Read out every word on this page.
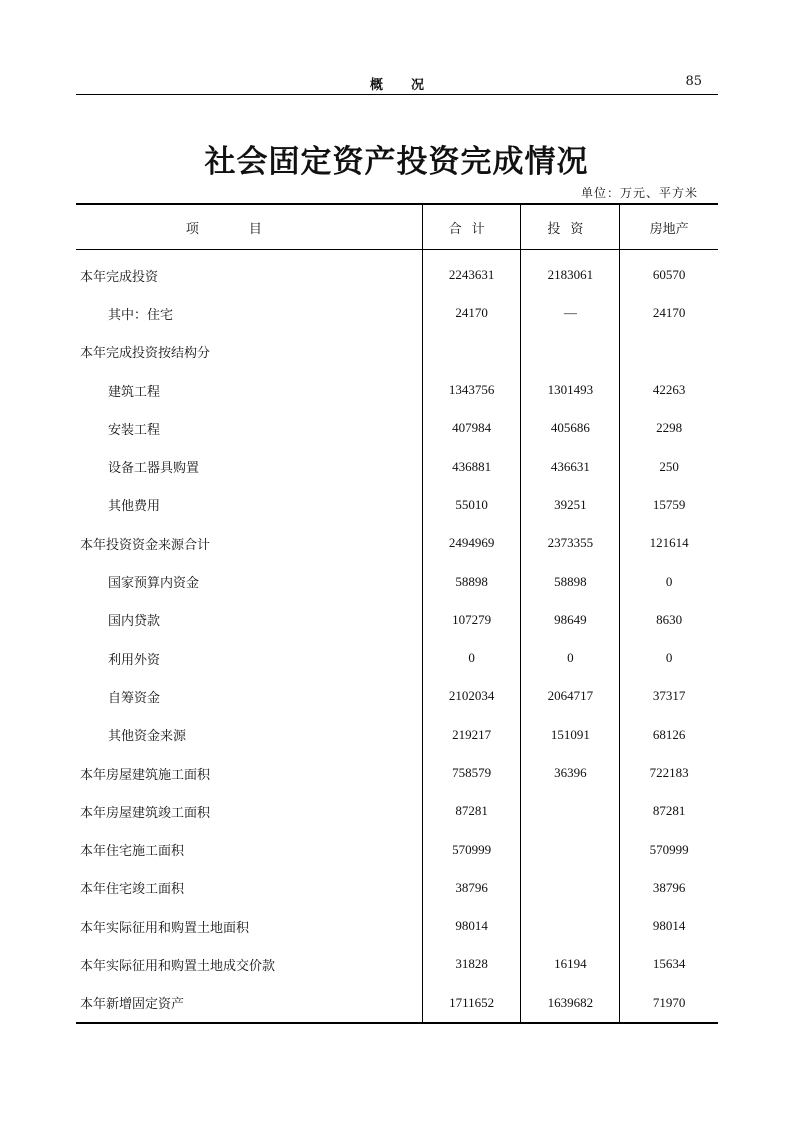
概况	85
社会固定资产投资完成情况
单位：万元、平方米
项目	合计	投资	房地产
本年完成投资	2243631	2183061	60570
其中：住宅	24170	—	24170
本年完成投资按结构分			
建筑工程	1343756	1301493	42263
安装工程	407984	405686	2298
设备工器具购置	436881	436631	250
其他费用	55010	39251	15759
本年投资资金来源合计	2494969	2373355	121614
国家预算内资金	58898	58898	0
国内贷款	107279	98649	8630
利用外资	0	0	0
自筹资金	2102034	2064717	37317
其他资金来源	219217	151091	68126
本年房屋建筑施工面积	758579	36396	722183
本年房屋建筑竣工面积	87281		87281
本年住宅施工面积	570999		570999
本年住宅竣工面积	38796		38796
本年实际征用和购置土地面积	98014		98014
本年实际征用和购置土地成交价款	31828	16194	15634
本年新增固定资产	1711652	1639682	71970
